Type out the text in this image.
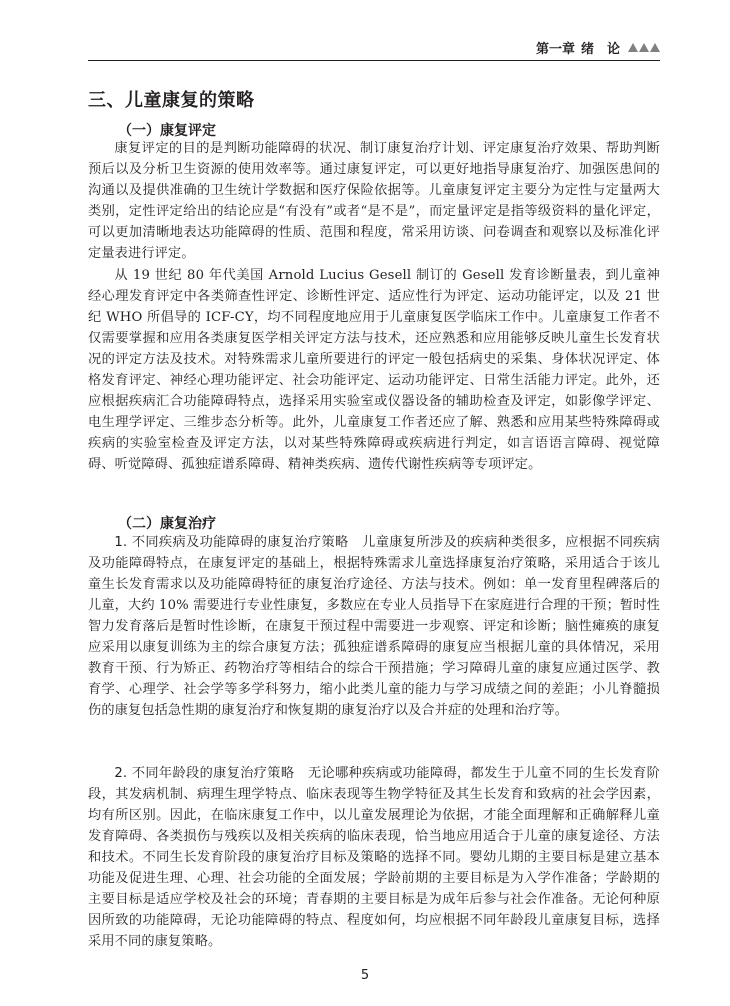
第一章 绪　论
三、儿童康复的策略
（一）康复评定

康复评定的目的是判断功能障碍的状况、制订康复治疗计划、评定康复治疗效果、帮助判断预后以及分析卫生资源的使用效率等。通过康复评定，可以更好地指导康复治疗、加强医患间的沟通以及提供准确的卫生统计学数据和医疗保险依据等。儿童康复评定主要分为定性与定量两大类别，定性评定给出的结论应是“有没有”或者“是不是”，而定量评定是指等级资料的量化评定，可以更加清晰地表达功能障碍的性质、范围和程度，常采用访谈、问卷调查和观察以及标准化评定量表进行评定。

从 19 世纪 80 年代美国 Arnold Lucius Gesell 制订的 Gesell 发育诊断量表，到儿童神经心理发育评定中各类筛查性评定、诊断性评定、适应性行为评定、运动功能评定，以及 21 世纪 WHO 所倡导的 ICF-CY，均不同程度地应用于儿童康复医学临床工作中。儿童康复工作者不仅需要掌握和应用各类康复医学相关评定方法与技术，还应熟悉和应用能够反映儿童生长发育状况的评定方法及技术。对特殊需求儿童所要进行的评定一般包括病史的采集、身体状况评定、体格发育评定、神经心理功能评定、社会功能评定、运动功能评定、日常生活能力评定。此外，还应根据疾病汇合功能障碍特点，选择采用实验室或仪器设备的辅助检查及评定，如影像学评定、电生理学评定、三维步态分析等。此外，儿童康复工作者还应了解、熟悉和应用某些特殊障碍或疾病的实验室检查及评定方法，以对某些特殊障碍或疾病进行判定，如言语语言障碍、视觉障碍、听觉障碍、孤独症谱系障碍、精神类疾病、遗传代谢性疾病等专项评定。

（二）康复治疗

1. 不同疾病及功能障碍的康复治疗策略　 儿童康复所涉及的疾病种类很多，应根据不同疾病及功能障碍特点，在康复评定的基础上，根据特殊需求儿童选择康复治疗策略，采用适合于该儿童生长发育需求以及功能障碍特征的康复治疗途径、方法与技术。例如：单一发育里程碑落后的儿童，大约 10% 需要进行专业性康复，多数应在专业人员指导下在家庭进行合理的干预；暂时性智力发育落后是暂时性诊断，在康复干预过程中需要进一步观察、评定和诊断；脑性瘫痪的康复应采用以康复训练为主的综合康复方法；孤独症谱系障碍的康复应当根据儿童的具体情况，采用教育干预、行为矫正、药物治疗等相结合的综合干预措施；学习障碍儿童的康复应通过医学、教育学、心理学、社会学等多学科努力，缩小此类儿童的能力与学习成绩之间的差距；小儿脊髓损伤的康复包括急性期的康复治疗和恢复期的康复治疗以及合并症的处理和治疗等。

2. 不同年龄段的康复治疗策略　 无论哪种疾病或功能障碍，都发生于儿童不同的生长发育阶段，其发病机制、病理生理学特点、临床表现等生物学特征及其生长发育和致病的社会学因素，均有所区别。因此，在临床康复工作中，以儿童发展理论为依据，才能全面理解和正确解释儿童发育障碍、各类损伤与残疾以及相关疾病的临床表现，恰当地应用适合于儿童的康复途径、方法和技术。不同生长发育阶段的康复治疗目标及策略的选择不同。婴幼儿期的主要目标是建立基本功能及促进生理、心理、社会功能的全面发展；学龄前期的主要目标是为入学作准备；学龄期的主要目标是适应学校及社会的环境；青春期的主要目标是为成年后参与社会作准备。无论何种原因所致的功能障碍，无论功能障碍的特点、程度如何，均应根据不同年龄段儿童康复目标，选择采用不同的康复策略。

5
